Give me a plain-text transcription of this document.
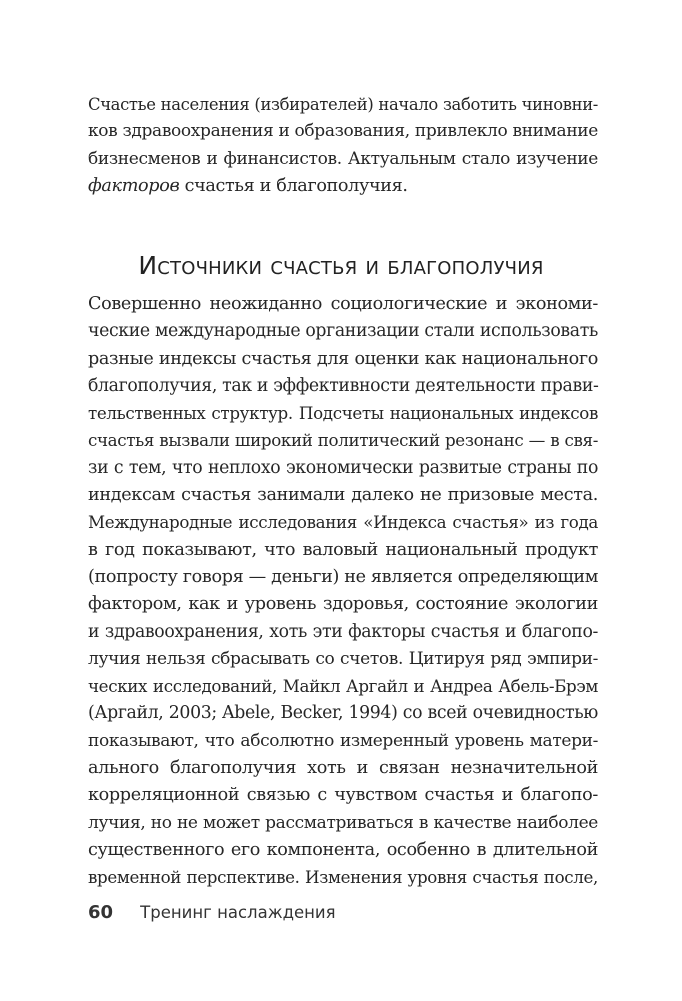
Счастье населения (избирателей) начало заботить чиновни-
ков здравоохранения и образования, привлекло внимание
бизнесменов и финансистов. Актуальным стало изучение
факторов счастья и благополучия.
Источники счастья и благополучия
Совершенно неожиданно социологические и экономи-
ческие международные организации стали использовать
разные индексы счастья для оценки как национального
благополучия, так и эффективности деятельности прави-
тельственных структур. Подсчеты национальных индексов
счастья вызвали широкий политический резонанс — в свя-
зи с тем, что неплохо экономически развитые страны по
индексам счастья занимали далеко не призовые места.
Международные исследования «Индекса счастья» из года
в год показывают, что валовый национальный продукт
(попросту говоря — деньги) не является определяющим
фактором, как и уровень здоровья, состояние экологии
и здравоохранения, хоть эти факторы счастья и благопо-
лучия нельзя сбрасывать со счетов. Цитируя ряд эмпири-
ческих исследований, Майкл Аргайл и Андреа Абель-Брэм
(Аргайл, 2003; Abele, Becker, 1994) со всей очевидностью
показывают, что абсолютно измеренный уровень матери-
ального благополучия хоть и связан незначительной
корреляционной связью с чувством счастья и благопо-
лучия, но не может рассматриваться в качестве наиболее
существенного его компонента, особенно в длительной
временной перспективе. Изменения уровня счастья после,
60 Тренинг наслаждения
